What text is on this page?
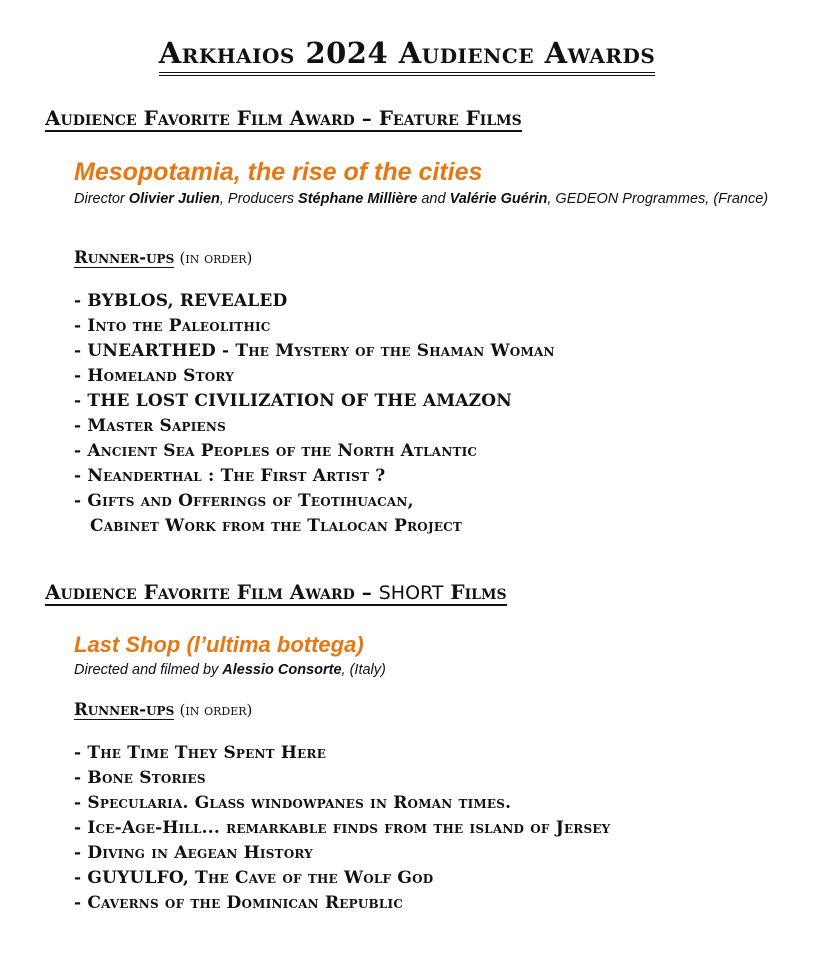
Arkhaios 2024 Audience Awards
Audience Favorite Film Award – Feature Films
Mesopotamia, the rise of the cities
Director Olivier Julien, Producers Stéphane Millière and Valérie Guérin, GEDEON Programmes, (France)
Runner-ups (in order)
- BYBLOS, REVEALED
- Into the Paleolithic
- UNEARTHED - The Mystery of the Shaman Woman
- Homeland Story
- THE LOST CIVILIZATION OF THE AMAZON
- Master Sapiens
- Ancient Sea Peoples of the North Atlantic
- Neanderthal : The First Artist ?
- Gifts and Offerings of Teotihuacan,
Cabinet Work from the Tlalocan Project
Audience Favorite Film Award – SHORT Films
Last Shop (l’ultima bottega)
Directed and filmed by Alessio Consorte, (Italy)
Runner-ups (in order)
- The Time They Spent Here
- Bone Stories
- Specularia. Glass windowpanes in Roman times.
- Ice-Age-Hill... remarkable finds from the island of Jersey
- Diving in Aegean History
- GUYULFO, The Cave of the Wolf God
- Caverns of the Dominican Republic
